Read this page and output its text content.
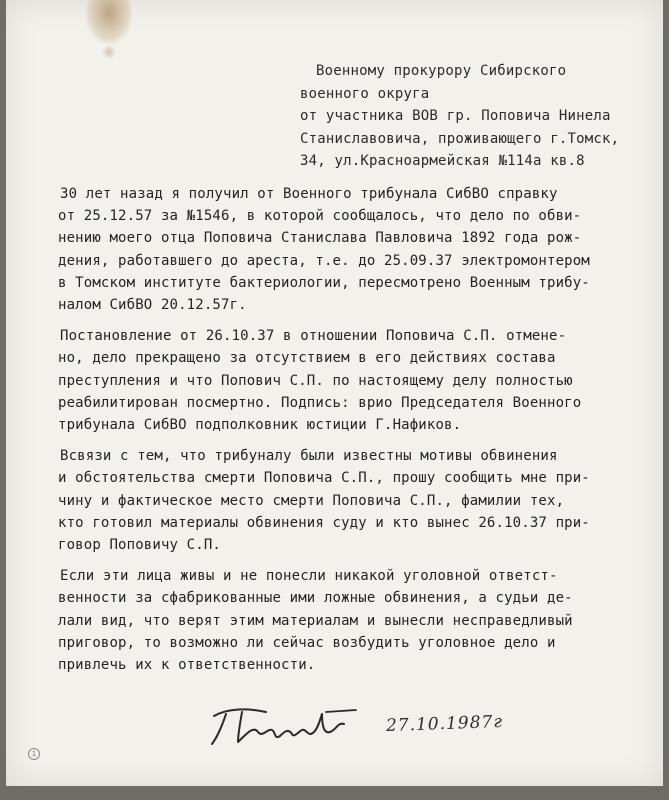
Военному прокурору Сибирского
военного округа
от участника ВОВ гр. Поповича Нинела
Станиславовича, проживающего г.Томск,
34, ул.Красноармейская №114а кв.8
30 лет назад я получил от Военного трибунала СибВО справку
от 25.12.57 за №1546, в которой сообщалось, что дело по обви-
нению моего отца Поповича Станислава Павловича 1892 года рож-
дения, работавшего до ареста, т.е. до 25.09.37 электромонтером
в Томском институте бактериологии, пересмотрено Военным трибу-
налом СибВО 20.12.57г.
Постановление от 26.10.37 в отношении Поповича С.П. отмене-
но, дело прекращено за отсутствием в его действиях состава
преступления и что Попович С.П. по настоящему делу полностью
реабилитирован посмертно. Подпись: врио Председателя Военного
трибунала СибВО подполковник юстиции Г.Нафиков.
Всвязи с тем, что трибуналу были известны мотивы обвинения
и обстоятельства смерти Поповича С.П., прошу сообщить мне при-
чину и фактическое место смерти Поповича С.П., фамилии тех,
кто готовил материалы обвинения суду и кто вынес 26.10.37 при-
говор Поповичу С.П.
Если эти лица живы и не понесли никакой уголовной ответст-
венности за сфабрикованные ими ложные обвинения, а судьи де-
лали вид, что верят этим материалам и вынесли несправедливый
приговор, то возможно ли сейчас возбудить уголовное дело и
привлечь их к ответственности.
27.10.1987г
1
